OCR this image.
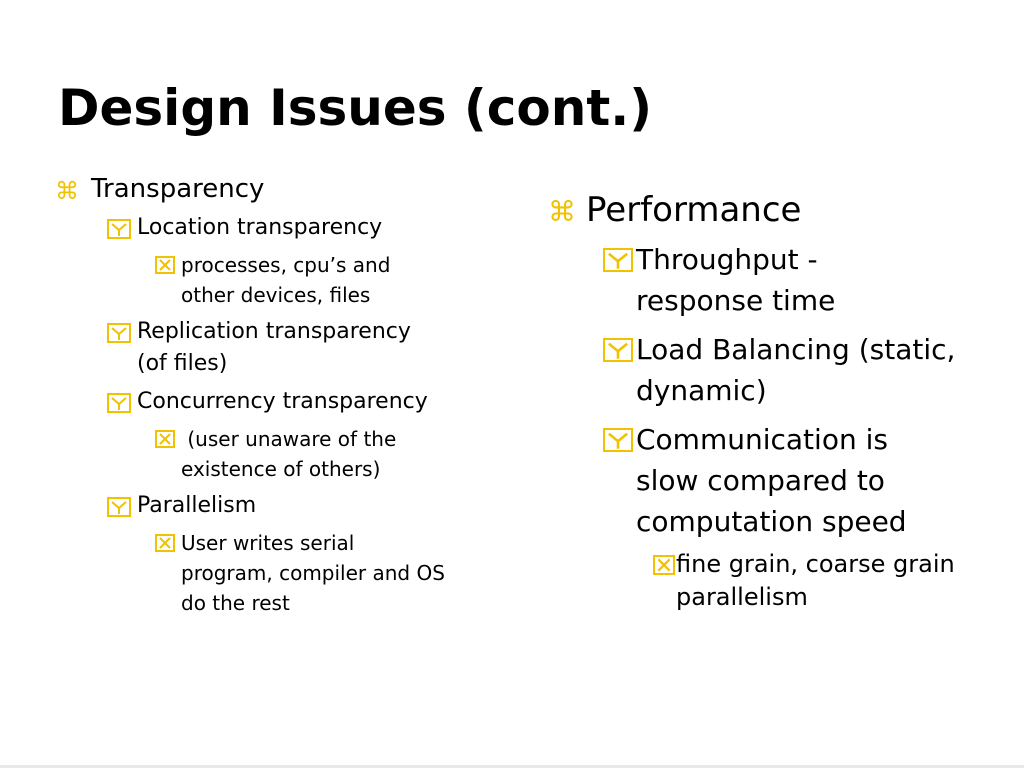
Design Issues (cont.)
⌘ Transparency
Location transparency
processes, cpu’s and
other devices, files
Replication transparency
(of files)
Concurrency transparency
(user unaware of the
existence of others)
Parallelism
User writes serial
program, compiler and OS
do the rest
⌘ Performance
Throughput -
response time
Load Balancing (static,
dynamic)
Communication is
slow compared to
computation speed
fine grain, coarse grain
parallelism
